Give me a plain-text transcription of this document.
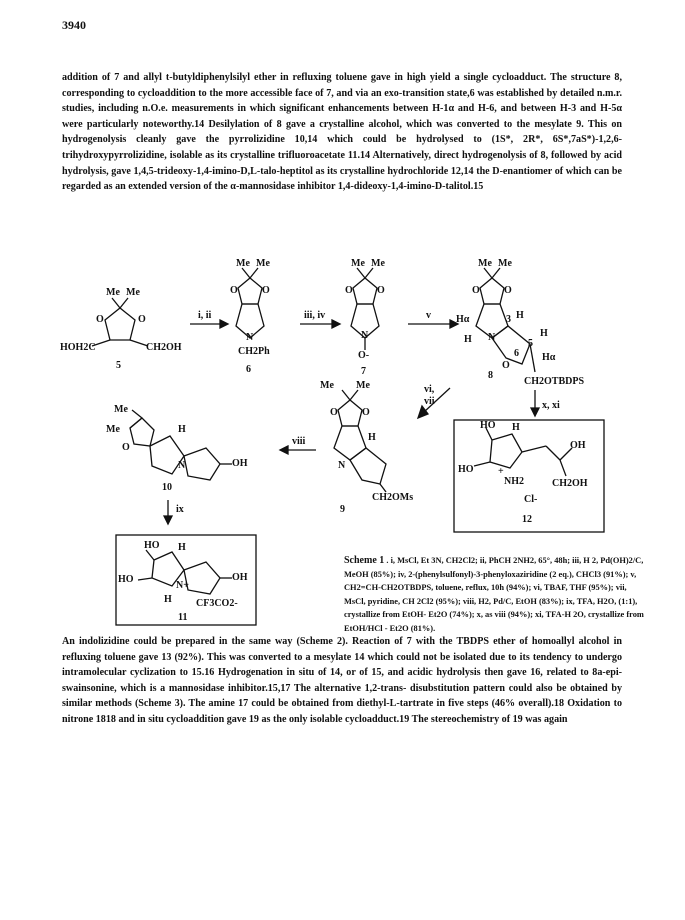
3940
addition of 7 and allyl t-butyldiphenylsilyl ether in refluxing toluene gave in high yield a single cycloadduct. The structure 8, corresponding to cycloaddition to the more accessible face of 7, and via an exo-transition state,6 was established by detailed n.m.r. studies, including n.O.e. measurements in which significant enhancements between H-1α and H-6, and between H-3 and H-5α were particularly noteworthy.14 Desilylation of 8 gave a crystalline alcohol, which was converted to the mesylate 9. This on hydrogenolysis cleanly gave the pyrrolizidine 10,14 which could be hydrolysed to (1S*, 2R*, 6S*,7aS*)-1,2,6-trihydroxypyrrolizidine, isolable as its crystalline trifluoroacetate 11.14 Alternatively, direct hydrogenolysis of 8, followed by acid hydrolysis, gave 1,4,5-trideoxy-1,4-imino-D,L-talo-heptitol as its crystalline hydrochloride 12,14 the D-enantiomer of which can be regarded as an extended version of the α-mannosidase inhibitor 1,4-dideoxy-1,4-imino-D-talitol.15
Me Me
O	O
HOH2C	CH2OH
5
Me Me
O O
N
CH2Ph
6
Me Me
O O
N
O-
7
Me Me
O O
Hα	H
3
H N	H
5
6 Hα
O
8
CH2OTBDPS
Me Me
O O
H
N
CH2OMs
9
Me
Me
O
H
N	OH
10
ix
HO H
HO
N+
OH
H CF3CO2-
11
HO H
OH
HO +
NH2	CH2OH
Cl-
12
i, ii	iii, iv	v
vi,
vii	x, xi
viii
Scheme 1 . i, MsCl, Et 3N, CH2Cl2; ii, PhCH 2NH2, 65°, 48h; iii, H 2, Pd(OH)2/C, MeOH (85%); iv, 2-(phenylsulfonyl)-3-phenyloxaziridine (2 eq.), CHCl3 (91%); v, CH2=CH-CH2OTBDPS, toluene, reflux, 10h (94%); vi, TBAF, THF (95%); vii, MsCl, pyridine, CH 2Cl2 (95%); viii, H2, Pd/C, EtOH (83%); ix, TFA, H2O, (1:1), crystallize from EtOH- Et2O (74%); x, as viii (94%); xi, TFA-H 2O, crystallize from EtOH/HCl - Et2O (81%).
An indolizidine could be prepared in the same way (Scheme 2). Reaction of 7 with the TBDPS ether of homoallyl alcohol in refluxing toluene gave 13 (92%). This was converted to a mesylate 14 which could not be isolated due to its tendency to undergo intramolecular cyclization to 15.16 Hydrogenation in situ of 14, or of 15, and acidic hydrolysis then gave 16, related to 8a-epi-swainsonine, which is a mannosidase inhibitor.15,17 The alternative 1,2-trans- disubstitution pattern could also be obtained by similar methods (Scheme 3). The amine 17 could be obtained from diethyl-L-tartrate in five steps (46% overall).18 Oxidation to nitrone 1818 and in situ cycloaddition gave 19 as the only isolable cycloadduct.19 The stereochemistry of 19 was again
